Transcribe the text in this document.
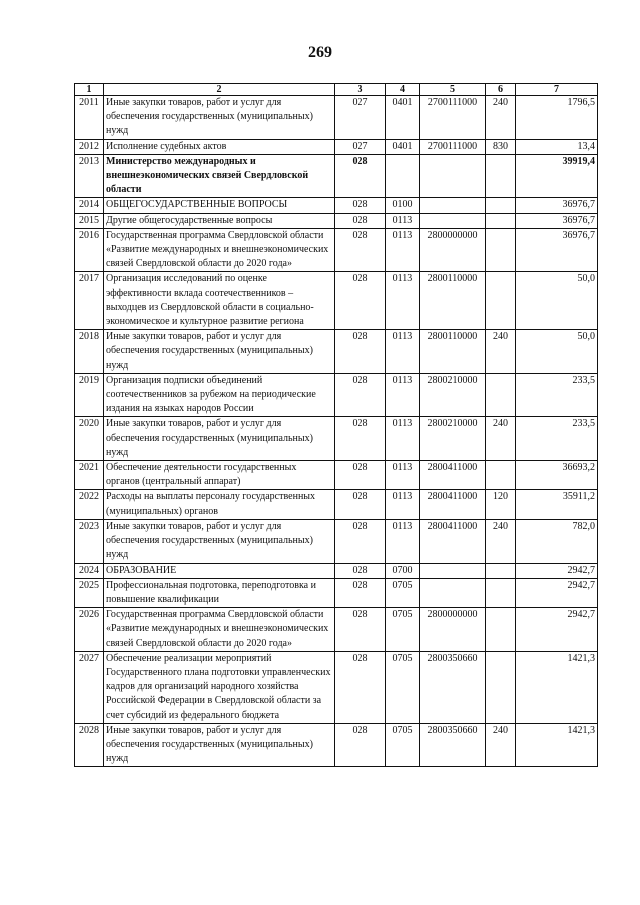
269
1	2	3	4	5	6	7
2011	Иные закупки товаров, работ и услуг для обеспечения государственных (муниципальных) нужд	027	0401	2700111000	240	1796,5
2012	Исполнение судебных актов	027	0401	2700111000	830	13,4
2013	Министерство международных и внешнеэкономических связей Свердловской области	028				39919,4
2014	ОБЩЕГОСУДАРСТВЕННЫЕ ВОПРОСЫ	028	0100			36976,7
2015	Другие общегосударственные вопросы	028	0113			36976,7
2016	Государственная программа Свердловской области «Развитие международных и внешнеэкономических связей Свердловской области до 2020 года»	028	0113	2800000000		36976,7
2017	Организация исследований по оценке эффективности вклада соотечественников – выходцев из Свердловской области в социально-экономическое и культурное развитие региона	028	0113	2800110000		50,0
2018	Иные закупки товаров, работ и услуг для обеспечения государственных (муниципальных) нужд	028	0113	2800110000	240	50,0
2019	Организация подписки объединений соотечественников за рубежом на периодические издания на языках народов России	028	0113	2800210000		233,5
2020	Иные закупки товаров, работ и услуг для обеспечения государственных (муниципальных) нужд	028	0113	2800210000	240	233,5
2021	Обеспечение деятельности государственных органов (центральный аппарат)	028	0113	2800411000		36693,2
2022	Расходы на выплаты персоналу государственных (муниципальных) органов	028	0113	2800411000	120	35911,2
2023	Иные закупки товаров, работ и услуг для обеспечения государственных (муниципальных) нужд	028	0113	2800411000	240	782,0
2024	ОБРАЗОВАНИЕ	028	0700			2942,7
2025	Профессиональная подготовка, переподготовка и повышение квалификации	028	0705			2942,7
2026	Государственная программа Свердловской области «Развитие международных и внешнеэкономических связей Свердловской области до 2020 года»	028	0705	2800000000		2942,7
2027	Обеспечение реализации мероприятий Государственного плана подготовки управленческих кадров для организаций народного хозяйства Российской Федерации в Свердловской области за счет субсидий из федерального бюджета	028	0705	2800350660		1421,3
2028	Иные закупки товаров, работ и услуг для обеспечения государственных (муниципальных) нужд	028	0705	2800350660	240	1421,3
